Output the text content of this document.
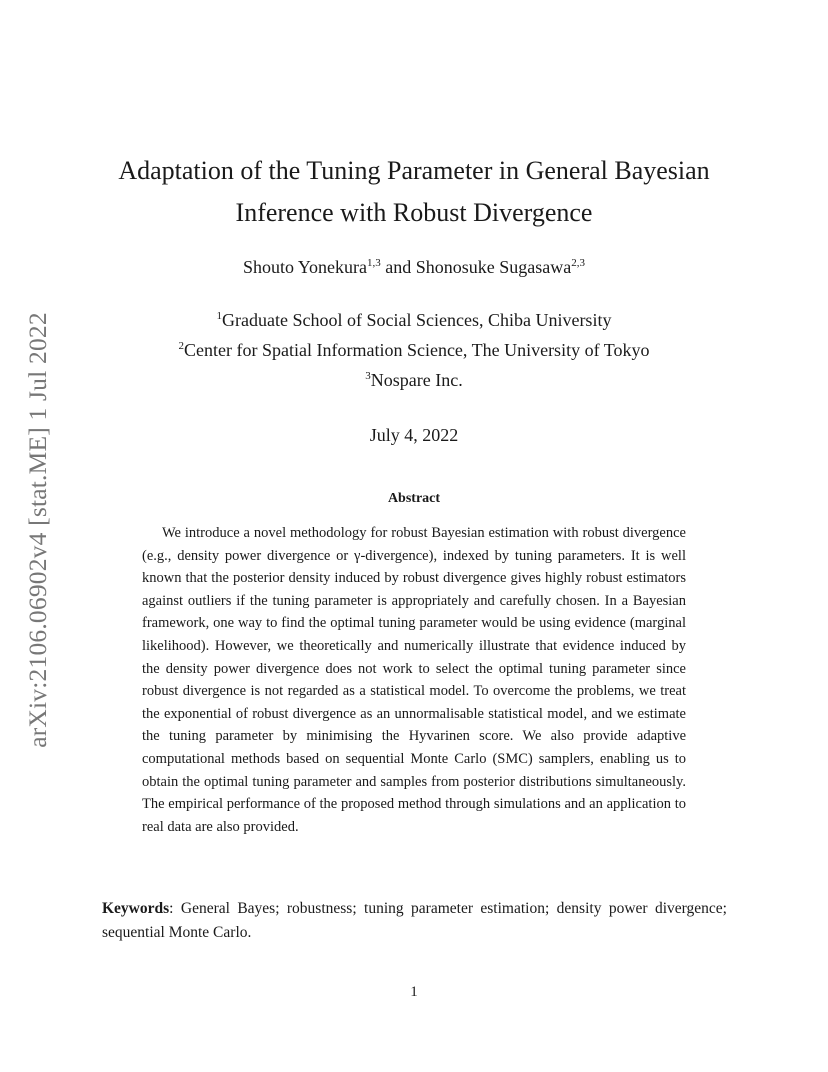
arXiv:2106.06902v4 [stat.ME] 1 Jul 2022
Adaptation of the Tuning Parameter in General Bayesian Inference with Robust Divergence
Shouto Yonekura$^{1,3}$ and Shonosuke Sugasawa$^{2,3}$
$^1$Graduate School of Social Sciences, Chiba University
$^2$Center for Spatial Information Science, The University of Tokyo
$^3$Nospare Inc.
July 4, 2022
Abstract

We introduce a novel methodology for robust Bayesian estimation with robust divergence (e.g., density power divergence or γ-divergence), indexed by tuning parameters. It is well known that the posterior density induced by robust divergence gives highly robust estimators against outliers if the tuning parameter is appropriately and carefully chosen. In a Bayesian framework, one way to find the optimal tuning parameter would be using evidence (marginal likelihood). However, we theoretically and numerically illustrate that evidence induced by the density power divergence does not work to select the optimal tuning parameter since robust divergence is not regarded as a statistical model. To overcome the problems, we treat the exponential of robust divergence as an unnormalisable statistical model, and we estimate the tuning parameter by minimising the Hyvarinen score. We also provide adaptive computational methods based on sequential Monte Carlo (SMC) samplers, enabling us to obtain the optimal tuning parameter and samples from posterior distributions simultaneously. The empirical performance of the proposed method through simulations and an application to real data are also provided.

Keywords: General Bayes; robustness; tuning parameter estimation; density power divergence; sequential Monte Carlo.

1
